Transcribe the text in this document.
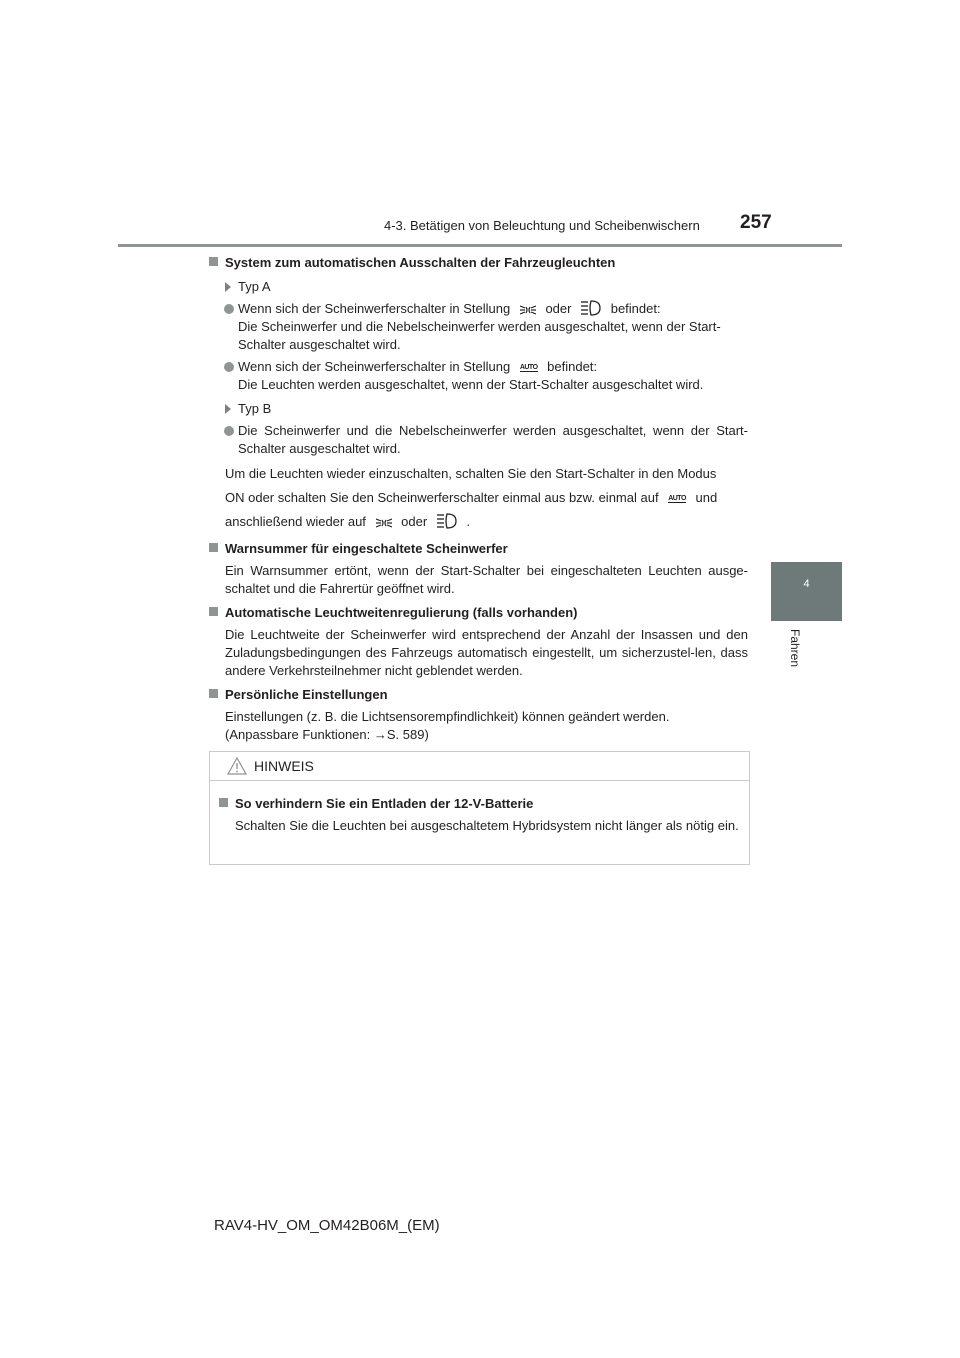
4-3. Betätigen von Beleuchtung und Scheibenwischern 257
4
Fahren
System zum automatischen Ausschalten der Fahrzeugleuchten
Typ A
Wenn sich der Scheinwerferschalter in Stellung	oder	befindet:
Die Scheinwerfer und die Nebelscheinwerfer werden ausgeschaltet, wenn der Start-Schalter ausgeschaltet wird.
Wenn sich der Scheinwerferschalter in Stellung AUTO befindet:
Die Leuchten werden ausgeschaltet, wenn der Start-Schalter ausgeschaltet wird.
Typ B
Die Scheinwerfer und die Nebelscheinwerfer werden ausgeschaltet, wenn der Start-Schalter ausgeschaltet wird.
Um die Leuchten wieder einzuschalten, schalten Sie den Start-Schalter in den Modus
ON oder schalten Sie den Scheinwerferschalter einmal aus bzw. einmal auf AUTO und
anschließend wieder auf	oder	.
Warnsummer für eingeschaltete Scheinwerfer
Ein Warnsummer ertönt, wenn der Start-Schalter bei eingeschalteten Leuchten ausge-schaltet und die Fahrertür geöffnet wird.
Automatische Leuchtweitenregulierung (falls vorhanden)
Die Leuchtweite der Scheinwerfer wird entsprechend der Anzahl der Insassen und den Zuladungsbedingungen des Fahrzeugs automatisch eingestellt, um sicherzustel-len, dass andere Verkehrsteilnehmer nicht geblendet werden.
Persönliche Einstellungen
Einstellungen (z. B. die Lichtsensorempfindlichkeit) können geändert werden.
(Anpassbare Funktionen: →S. 589)
HINWEIS
So verhindern Sie ein Entladen der 12-V-Batterie
Schalten Sie die Leuchten bei ausgeschaltetem Hybridsystem nicht länger als nötig ein.
RAV4-HV_OM_OM42B06M_(EM)
